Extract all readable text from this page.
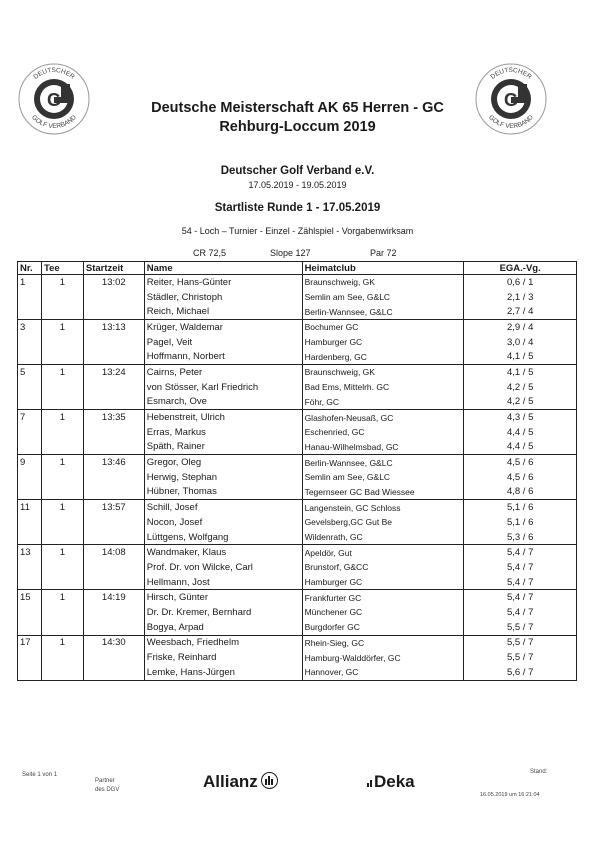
G
DEUTSCHER
GOLF VERBAND
G
DEUTSCHER
GOLF VERBAND
Deutsche Meisterschaft AK 65 Herren - GC
Rehburg-Loccum 2019
Deutscher Golf Verband e.V.
17.05.2019 - 19.05.2019
Startliste Runde 1 - 17.05.2019
54 - Loch – Turnier - Einzel - Zählspiel - Vorgabenwirksam
CR 72,5	Slope 127	Par 72
Nr.	Tee	Startzeit	Name	Heimatclub	EGA.-Vg.
1	1	13:02	Reiter, Hans-Günter	Braunschweig, GK	0,6 / 1
			Städler, Christoph	Semlin am See, G&LC	2,1 / 3
			Reich, Michael	Berlin-Wannsee, G&LC	2,7 / 4
3	1	13:13	Krüger, Waldemar	Bochumer GC	2,9 / 4
			Pagel, Veit	Hamburger GC	3,0 / 4
			Hoffmann, Norbert	Hardenberg, GC	4,1 / 5
5	1	13:24	Cairns, Peter	Braunschweig, GK	4,1 / 5
			von Stösser, Karl Friedrich	Bad Ems, Mittelrh. GC	4,2 / 5
			Esmarch, Ove	Föhr, GC	4,2 / 5
7	1	13:35	Hebenstreit, Ulrich	Glashofen-Neusaß, GC	4,3 / 5
			Erras, Markus	Eschenried, GC	4,4 / 5
			Späth, Rainer	Hanau-Wilhelmsbad, GC	4,4 / 5
9	1	13:46	Gregor, Oleg	Berlin-Wannsee, G&LC	4,5 / 6
			Herwig, Stephan	Semlin am See, G&LC	4,5 / 6
			Hübner, Thomas	Tegernseer GC Bad Wiessee	4,8 / 6
11	1	13:57	Schill, Josef	Langenstein, GC Schloss	5,1 / 6
			Nocon, Josef	Gevelsberg,GC Gut Be	5,1 / 6
			Lüttgens, Wolfgang	Wildenrath, GC	5,3 / 6
13	1	14:08	Wandmaker, Klaus	Apeldör, Gut	5,4 / 7
			Prof. Dr. von Wilcke, Carl	Brunstorf, G&CC	5,4 / 7
			Hellmann, Jost	Hamburger GC	5,4 / 7
15	1	14:19	Hirsch, Günter	Frankfurter GC	5,4 / 7
			Dr. Dr. Kremer, Bernhard	Münchener GC	5,4 / 7
			Bogya, Arpad	Burgdorfer GC	5,5 / 7
17	1	14:30	Weesbach, Friedhelm	Rhein-Sieg, GC	5,5 / 7
			Friske, Reinhard	Hamburg-Walddörfer, GC	5,5 / 7
			Lemke, Hans-Jürgen	Hannover, GC	5,6 / 7
Seite 1 von 1
Partner
des DGV	Allianz	Deka	Stand:
16.05.2019 um 16:21:04
